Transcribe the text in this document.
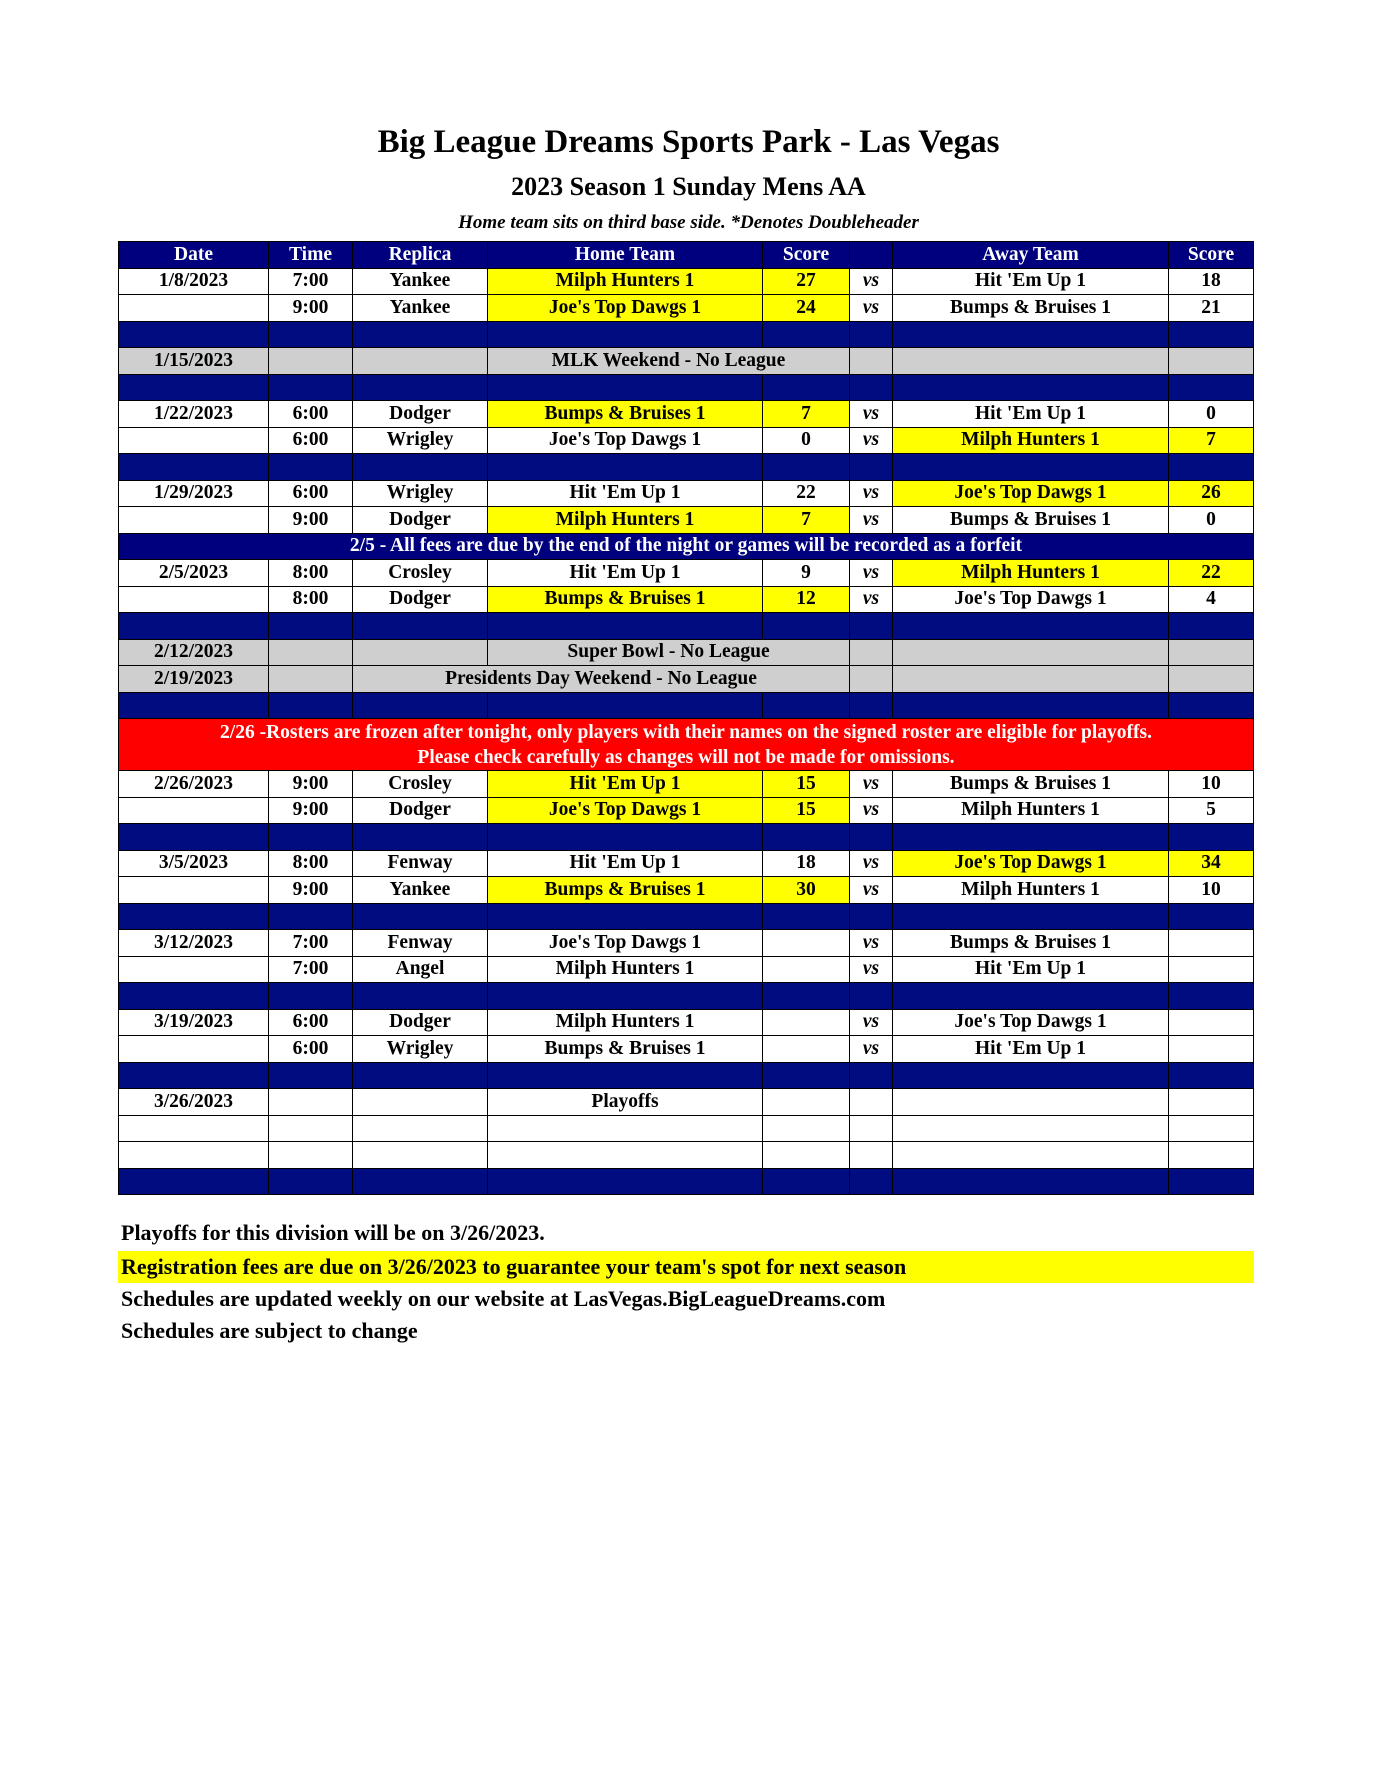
Big League Dreams Sports Park - Las Vegas
2023 Season 1 Sunday Mens AA
Home team sits on third base side. *Denotes Doubleheader
Date	Time	Replica	Home Team	Score		Away Team	Score
1/8/2023	7:00	Yankee	Milph Hunters 1	27	vs	Hit 'Em Up 1	18
	9:00	Yankee	Joe's Top Dawgs 1	24	vs	Bumps & Bruises 1	21

1/15/2023			MLK Weekend - No League				

1/22/2023	6:00	Dodger	Bumps & Bruises 1	7	vs	Hit 'Em Up 1	0
	6:00	Wrigley	Joe's Top Dawgs 1	0	vs	Milph Hunters 1	7

1/29/2023	6:00	Wrigley	Hit 'Em Up 1	22	vs	Joe's Top Dawgs 1	26
	9:00	Dodger	Milph Hunters 1	7	vs	Bumps & Bruises 1	0
2/5 - All fees are due by the end of the night or games will be recorded as a forfeit							
2/5/2023	8:00	Crosley	Hit 'Em Up 1	9	vs	Milph Hunters 1	22
	8:00	Dodger	Bumps & Bruises 1	12	vs	Joe's Top Dawgs 1	4

2/12/2023			Super Bowl - No League				
2/19/2023		Presidents Day Weekend - No League					

2/26 -Rosters are frozen after tonight, only players with their names on the signed roster are eligible for playoffs.
Please check carefully as changes will not be made for omissions.							

2/26/2023	9:00	Crosley	Hit 'Em Up 1	15	vs	Bumps & Bruises 1	10
	9:00	Dodger	Joe's Top Dawgs 1	15	vs	Milph Hunters 1	5

3/5/2023	8:00	Fenway	Hit 'Em Up 1	18	vs	Joe's Top Dawgs 1	34
	9:00	Yankee	Bumps & Bruises 1	30	vs	Milph Hunters 1	10

3/12/2023	7:00	Fenway	Joe's Top Dawgs 1		vs	Bumps & Bruises 1	
	7:00	Angel	Milph Hunters 1		vs	Hit 'Em Up 1	

3/19/2023	6:00	Dodger	Milph Hunters 1		vs	Joe's Top Dawgs 1	
	6:00	Wrigley	Bumps & Bruises 1		vs	Hit 'Em Up 1	

3/26/2023			Playoffs				

Playoffs for this division will be on 3/26/2023.
Registration fees are due on 3/26/2023 to guarantee your team's spot for next season
Schedules are updated weekly on our website at LasVegas.BigLeagueDreams.com
Schedules are subject to change
